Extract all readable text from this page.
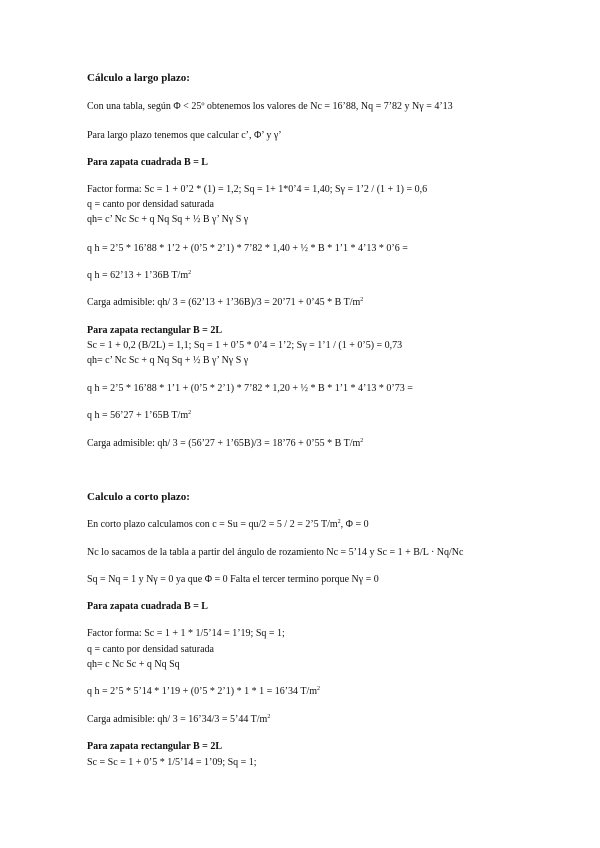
Cálculo a largo plazo:
Con una tabla, según Φ < 25º obtenemos los valores de Nc = 16’88, Nq = 7’82 y Nγ = 4’13
Para largo plazo tenemos que calcular c’, Φ’ y γ’
Para zapata cuadrada B = L
Factor forma: Sc = 1 + 0’2 * (1) = 1,2; Sq = 1+ 1*0’4 = 1,40; Sγ = 1’2 / (1 + 1) = 0,6
q = canto por densidad saturada
qh= c’ Nc Sc + q Nq Sq + ½ B γ’ Nγ S γ
q h = 2’5 * 16’88 * 1’2 + (0’5 * 2’1) * 7’82 * 1,40 + ½ * B * 1’1 * 4’13 * 0’6 =
q h = 62’13 + 1’36B $T/m^2$
Carga admisible: qh/ 3 = (62’13 + 1’36B)/3 = 20’71 + 0’45 * B $T/m^2$
Para zapata rectangular B = 2L
Sc = 1 + 0,2 (B/2L) = 1,1; Sq = 1 + 0’5 * 0’4 = 1’2; Sγ = 1’1 / (1 + 0’5) = 0,73
qh= c’ Nc Sc + q Nq Sq + ½ B γ’ Nγ S γ
q h = 2’5 * 16’88 * 1’1 + (0’5 * 2’1) * 7’82 * 1,20 + ½ * B * 1’1 * 4’13 * 0’73 =
q h = 56’27 + 1’65B $T/m^2$
Carga admisible: qh/ 3 = (56’27 + 1’65B)/3 = 18’76 + 0’55 * B $T/m^2$
Calculo a corto plazo:
En corto plazo calculamos con c = Su = qu/2 = 5 / 2 = 2’5 $T/m^2$, Φ = 0
Nc lo sacamos de la tabla a partir del ángulo de rozamiento Nc = 5’14 y Sc = 1 + B/L · Nq/Nc
Sq = Nq = 1 y Nγ = 0 ya que Φ = 0 Falta el tercer termino porque Nγ = 0
Para zapata cuadrada B = L
Factor forma: Sc = 1 + 1 * 1/5’14 = 1’19; Sq = 1;
q = canto por densidad saturada
qh= c Nc Sc + q Nq Sq
q h = 2’5 * 5’14 * 1’19 + (0’5 * 2’1) * 1 * 1 = 16’34 $T/m^2$
Carga admisible: qh/ 3 = 16’34/3 = 5’44 $T/m^2$
Para zapata rectangular B = 2L
Sc = Sc = 1 + 0’5 * 1/5’14 = 1’09; Sq = 1;
